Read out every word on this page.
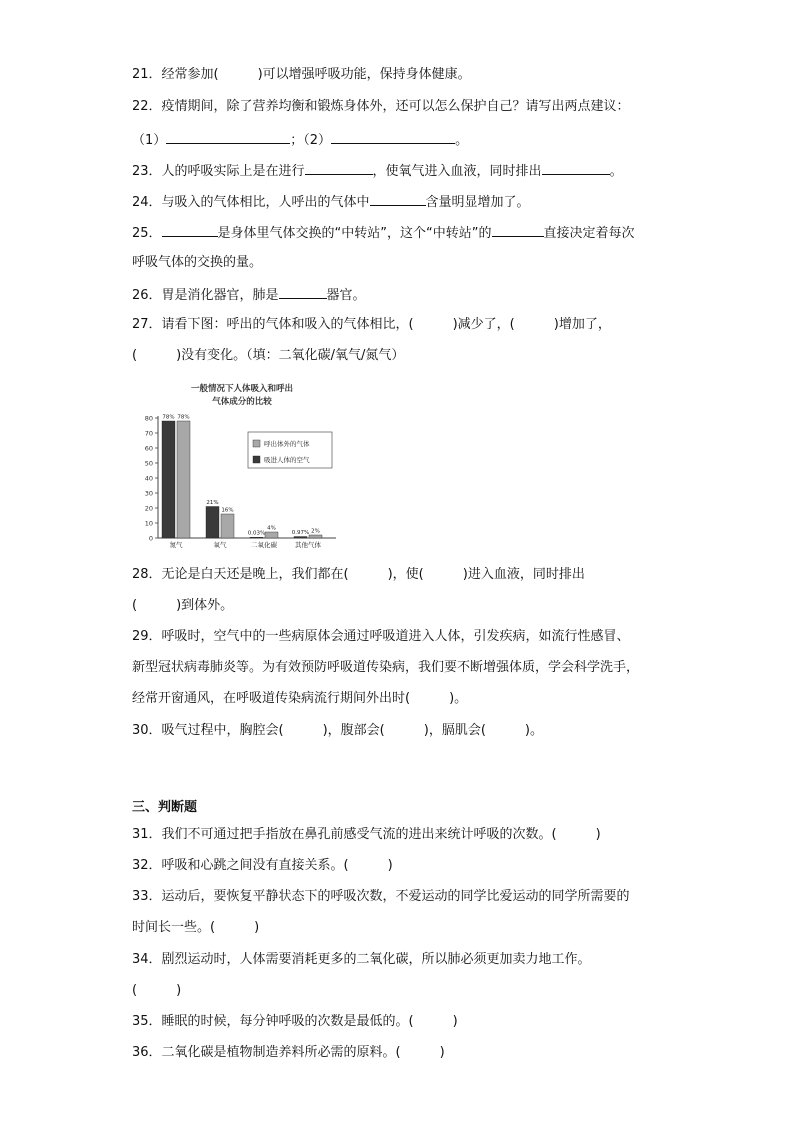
21．经常参加(　　　)可以增强呼吸功能，保持身体健康。
22．疫情期间，除了营养均衡和锻炼身体外，还可以怎么保护自己？请写出两点建议：
（1）	；（2）	。
23．人的呼吸实际上是在进行	，使氧气进入血液，同时排出	。
24．与吸入的气体相比，人呼出的气体中	含量明显增加了。
25．	是身体里气体交换的“中转站”，这个“中转站”的	直接决定着每次
呼吸气体的交换的量。
26．胃是消化器官，肺是	器官。
27．请看下图：呼出的气体和吸入的气体相比，(　　　)减少了，(　　　)增加了，
(　　　)没有变化。（填：二氧化碳/氧气/氮气）
一般情况下人体吸入和呼出
气体成分的比较
0
10
20
30
40
50
60
70
80 78% 78%
氮气
21%
16%
氧气
0.03%
4%
二氧化碳
0.97% 2%
其他气体
呼出体外的气体
吸进人体的空气
28．无论是白天还是晚上，我们都在(　　　)，使(　　　)进入血液，同时排出
(　　　)到体外。
29．呼吸时，空气中的一些病原体会通过呼吸道进入人体，引发疾病，如流行性感冒、
新型冠状病毒肺炎等。为有效预防呼吸道传染病，我们要不断增强体质，学会科学洗手，
经常开窗通风，在呼吸道传染病流行期间外出时(　　　)。
30．吸气过程中，胸腔会(　　　)，腹部会(　　　)，膈肌会(　　　)。
三、判断题
31．我们不可通过把手指放在鼻孔前感受气流的进出来统计呼吸的次数。(　　　)
32．呼吸和心跳之间没有直接关系。(　　　)
33．运动后，要恢复平静状态下的呼吸次数，不爱运动的同学比爱运动的同学所需要的
时间长一些。(　　　)
34．剧烈运动时，人体需要消耗更多的二氧化碳，所以肺必须更加卖力地工作。
(　　　)
35．睡眠的时候，每分钟呼吸的次数是最低的。(　　　)
36．二氧化碳是植物制造养料所必需的原料。(　　　)
